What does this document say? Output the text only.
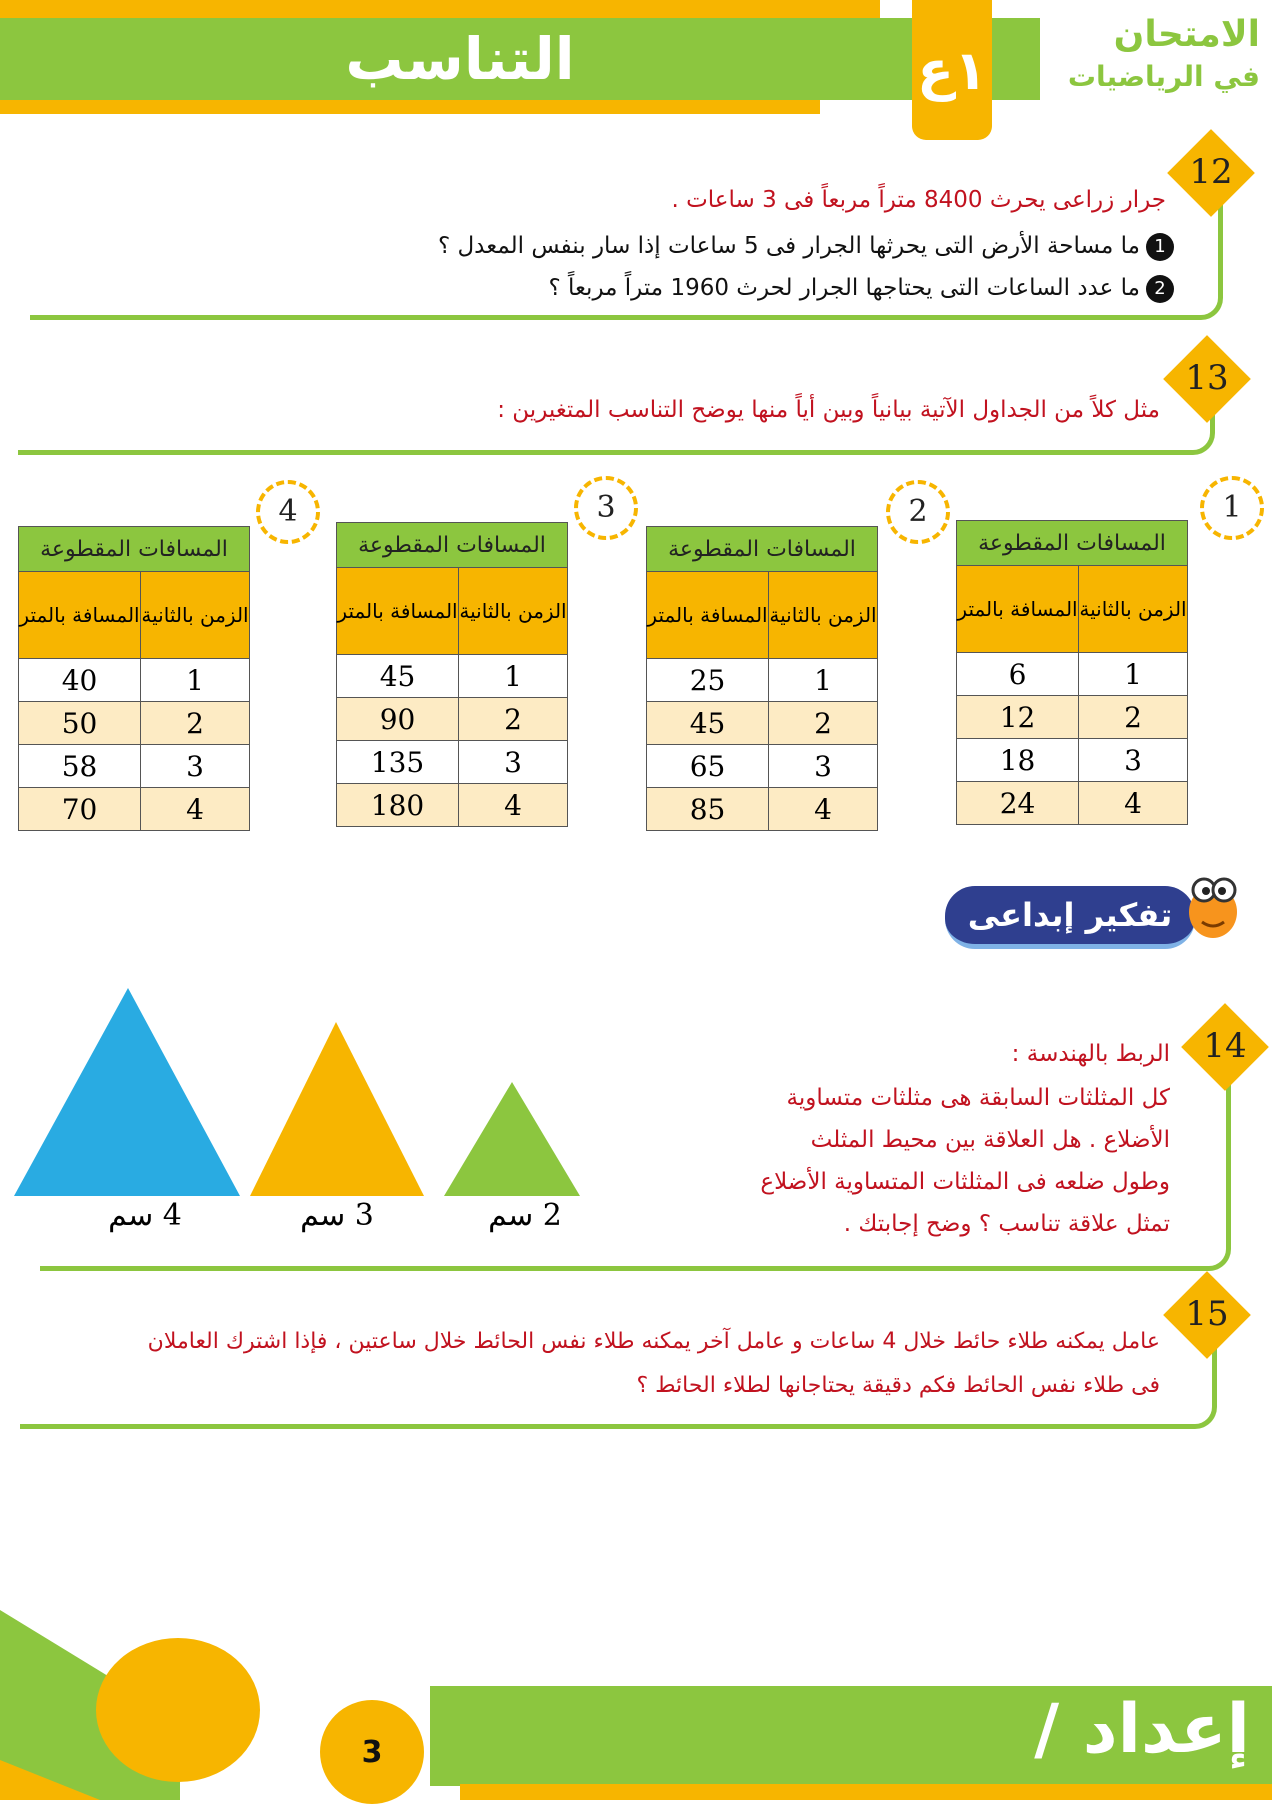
التناسب	١ع
الامتحان
في الرياضيات
12
جرار زراعى يحرث 8400 متراً مربعاً فى 3 ساعات .
1ما مساحة الأرض التى يحرثها الجرار فى 5 ساعات إذا سار بنفس المعدل ؟
2ما عدد الساعات التى يحتاجها الجرار لحرث 1960 متراً مربعاً ؟
13
مثل كلاً من الجداول الآتية بيانياً وبين أياً منها يوضح التناسب المتغيرين :
1
2
3
4
المسافات المقطوعة	
المسافة بالمتر	الزمن بالثانية
6	1
12	2
18	3
24	4
المسافات المقطوعة	
المسافة بالمتر	الزمن بالثانية
25	1
45	2
65	3
85	4
المسافات المقطوعة	
المسافة بالمتر	الزمن بالثانية
45	1
90	2
135	3
180	4
المسافات المقطوعة	
المسافة بالمتر	الزمن بالثانية
40	1
50	2
58	3
70	4
تفكير إبداعى
14
الربط بالهندسة :
كل المثلثات السابقة هى مثلثات متساوية
الأضلاع . هل العلاقة بين محيط المثلث
وطول ضلعه فى المثلثات المتساوية الأضلاع
تمثل علاقة تناسب ؟ وضح إجابتك .
4 سم	3 سم	2 سم
15
عامل يمكنه طلاء حائط خلال 4 ساعات و عامل آخر يمكنه طلاء نفس الحائط خلال ساعتين ، فإذا اشترك العاملان
فى طلاء نفس الحائط فكم دقيقة يحتاجانها لطلاء الحائط ؟
إعداد /
3
